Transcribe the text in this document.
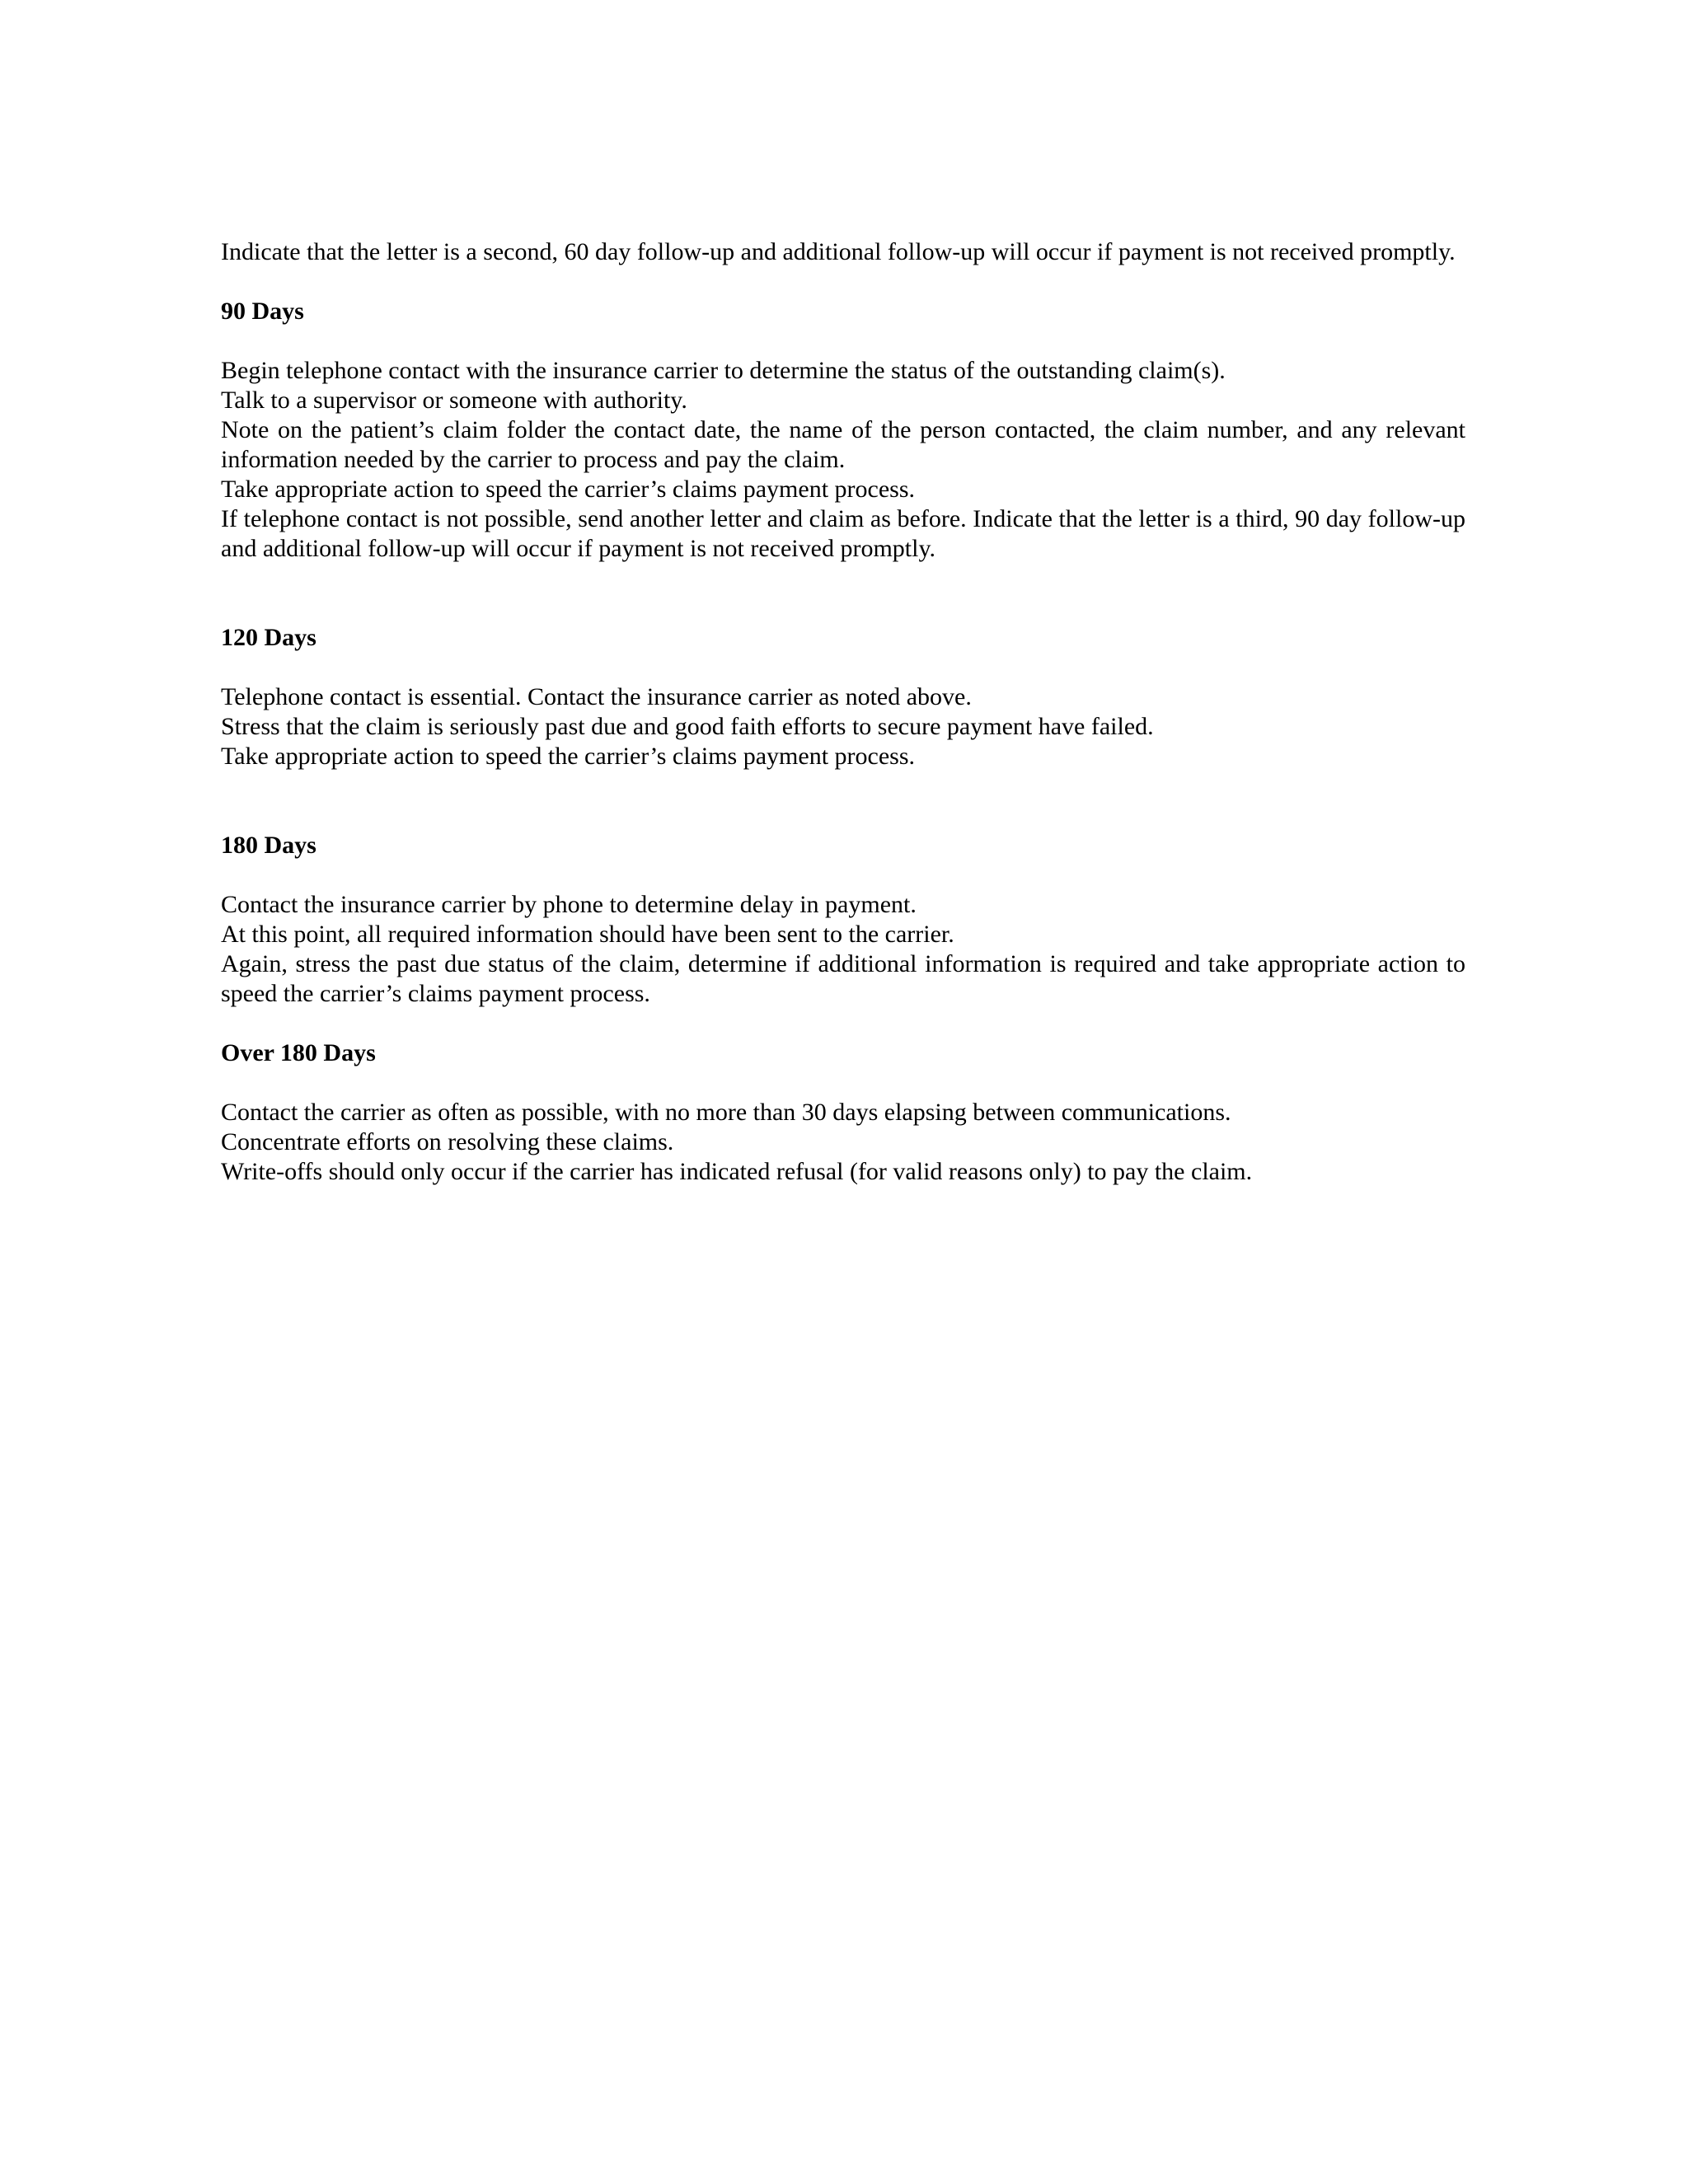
Indicate that the letter is a second, 60 day follow-up and additional follow-up will occur if payment is not received promptly.

90 Days

Begin telephone contact with the insurance carrier to determine the status of the outstanding claim(s).

Talk to a supervisor or someone with authority.

Note on the patient’s claim folder the contact date, the name of the person contacted, the claim number, and any relevant information needed by the carrier to process and pay the claim.

Take appropriate action to speed the carrier’s claims payment process.

If telephone contact is not possible, send another letter and claim as before. Indicate that the letter is a third, 90 day follow-up and additional follow-up will occur if payment is not received promptly.

120 Days

Telephone contact is essential. Contact the insurance carrier as noted above.

Stress that the claim is seriously past due and good faith efforts to secure payment have failed.

Take appropriate action to speed the carrier’s claims payment process.

180 Days

Contact the insurance carrier by phone to determine delay in payment.

At this point, all required information should have been sent to the carrier.

Again, stress the past due status of the claim, determine if additional information is required and take appropriate action to speed the carrier’s claims payment process.

Over 180 Days

Contact the carrier as often as possible, with no more than 30 days elapsing between communications.

Concentrate efforts on resolving these claims.

Write-offs should only occur if the carrier has indicated refusal (for valid reasons only) to pay the claim.
